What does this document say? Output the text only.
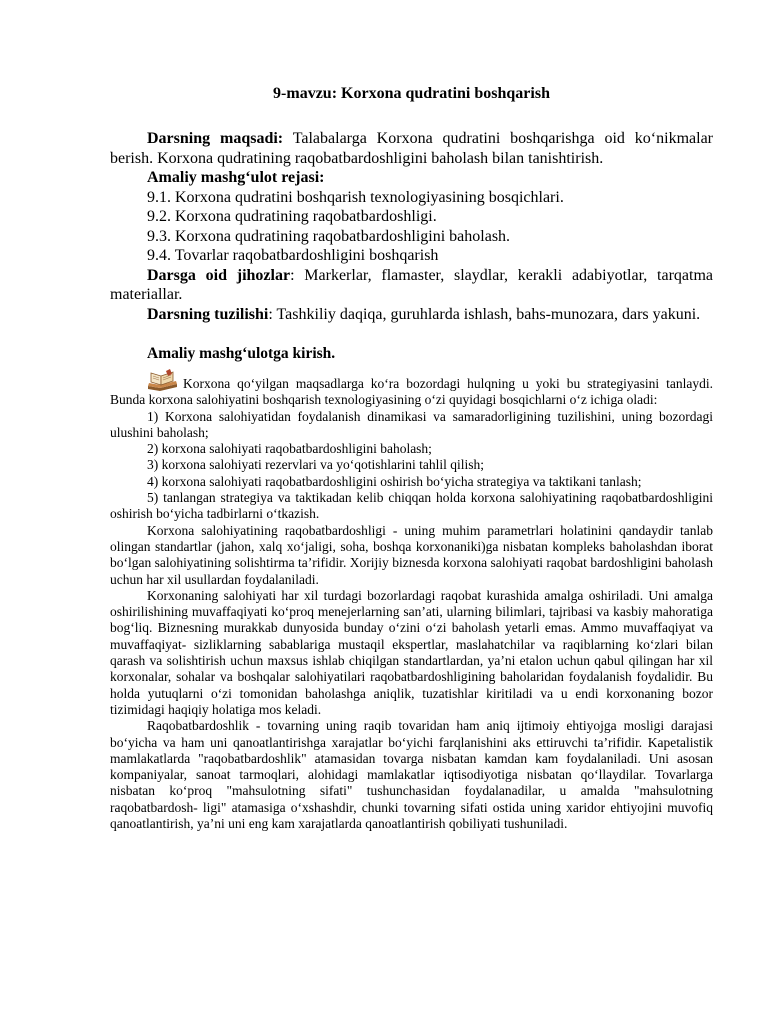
9-mavzu: Korxona qudratini boshqarish

Darsning maqsadi: Talabalarga Korxona qudratini boshqarishga oid ko‘nikmalar berish. Korxona qudratining raqobatbardoshligini baholash bilan tanishtirish.

Amaliy mashg‘ulot rejasi:

9.1. Korxona qudratini boshqarish texnologiyasining bosqichlari.

9.2. Korxona qudratining raqobatbardoshligi.

9.3. Korxona qudratining raqobatbardoshligini baholash.

9.4. Tovarlar raqobatbardoshligini boshqarish

Darsga oid jihozlar: Markerlar, flamaster, slaydlar, kerakli adabiyotlar, tarqatma materiallar.

Darsning tuzilishi: Tashkiliy daqiqa, guruhlarda ishlash, bahs-munozara, dars yakuni.

Amaliy mashg‘ulotga kirish.

Korxona qo‘yilgan maqsadlarga ko‘ra bozordagi hulqning u yoki bu strategiyasini tanlaydi. Bunda korxona salohiyatini boshqarish texnologiyasining o‘zi quyidagi bosqichlarni o‘z ichiga oladi:

1) Korxona salohiyatidan foydalanish dinamikasi va samaradorligining tuzilishini, uning bozordagi ulushini baholash;

2) korxona salohiyati raqobatbardoshligini baholash;

3) korxona salohiyati rezervlari va yo‘qotishlarini tahlil qilish;

4) korxona salohiyati raqobatbardoshligini oshirish bo‘yicha strategiya va taktikani tanlash;

5) tanlangan strategiya va taktikadan kelib chiqqan holda korxona salohiyatining raqobatbardoshligini oshirish bo‘yicha tadbirlarni o‘tkazish.

Korxona salohiyatining raqobatbardoshligi - uning muhim parametrlari holatinini qandaydir tanlab olingan standartlar (jahon, xalq xo‘jaligi, soha, boshqa korxonaniki)ga nisbatan kompleks baholashdan iborat bo‘lgan salohiyatining solishtirma ta’rifidir. Xorijiy biznesda korxona salohiyati raqobat bardoshligini baholash uchun har xil usullardan foydalaniladi.

Korxonaning salohiyati har xil turdagi bozorlardagi raqobat kurashida amalga oshiriladi. Uni amalga oshirilishining muvaffaqiyati ko‘proq menejerlarning san’ati, ularning bilimlari, tajribasi va kasbiy mahoratiga bog‘liq. Biznesning murakkab dunyosida bunday o‘zini o‘zi baholash yetarli emas. Ammo muvaffaqiyat va muvaffaqiyat- sizliklarning sabablariga mustaqil ekspertlar, maslahatchilar va raqiblarning ko‘zlari bilan qarash va solishtirish uchun maxsus ishlab chiqilgan standartlardan, ya’ni etalon uchun qabul qilingan har xil korxonalar, sohalar va boshqalar salohiyatilari raqobatbardoshligining baholaridan foydalanish foydalidir. Bu holda yutuqlarni o‘zi tomonidan baholashga aniqlik, tuzatishlar kiritiladi va u endi korxonaning bozor tizimidagi haqiqiy holatiga mos keladi.

Raqobatbardoshlik - tovarning uning raqib tovaridan ham aniq ijtimoiy ehtiyojga mosligi darajasi bo‘yicha va ham uni qanoatlantirishga xarajatlar bo‘yichi farqlanishini aks ettiruvchi ta’rifidir. Kapetalistik mamlakatlarda "raqobatbardoshlik" atamasidan tovarga nisbatan kamdan kam foydalaniladi. Uni asosan kompaniyalar, sanoat tarmoqlari, alohidagi mamlakatlar iqtisodiyotiga nisbatan qo‘llaydilar. Tovarlarga nisbatan ko‘proq "mahsulotning sifati" tushunchasidan foydalanadilar, u amalda "mahsulotning raqobatbardosh- ligi" atamasiga o‘xshashdir, chunki tovarning sifati ostida uning xaridor ehtiyojini muvofiq qanoatlantirish, ya’ni uni eng kam xarajatlarda qanoatlantirish qobiliyati tushuniladi.
